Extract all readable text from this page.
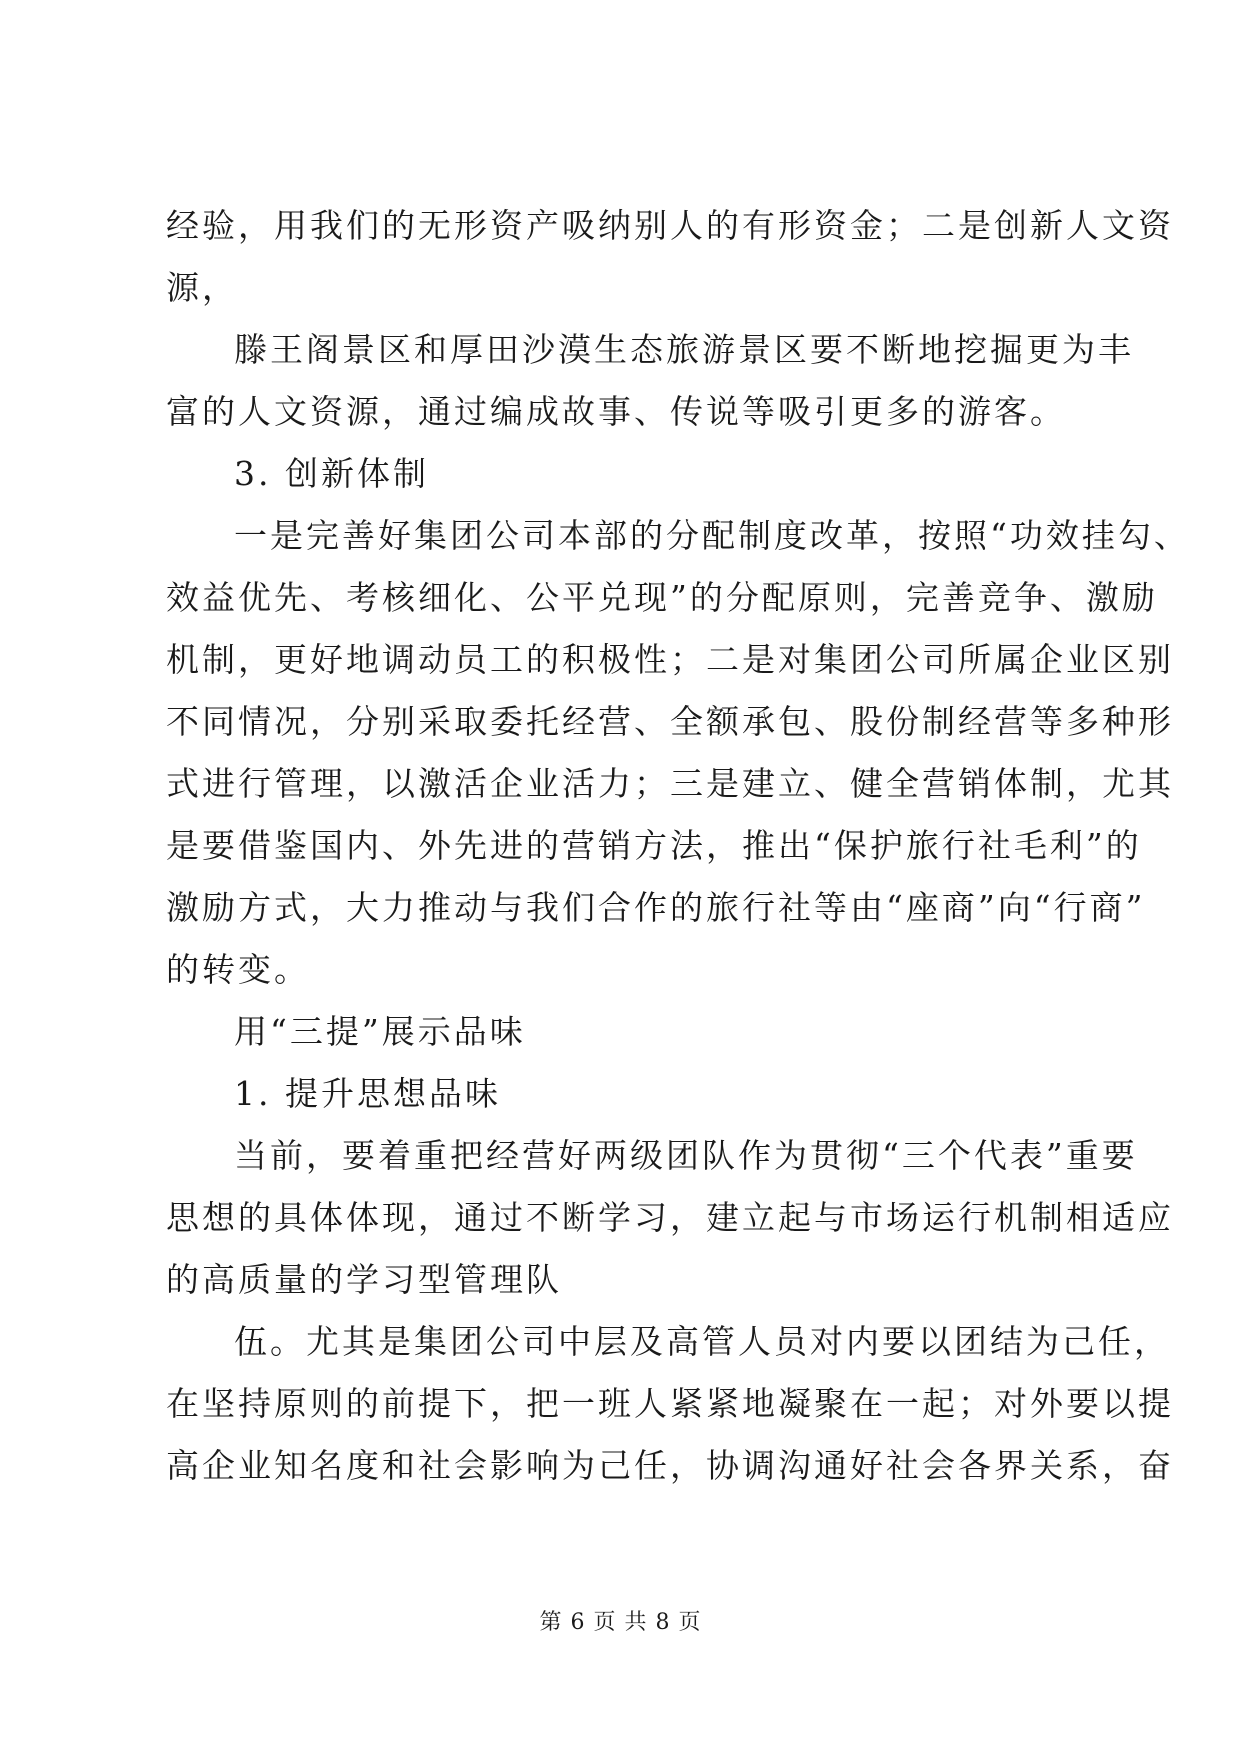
经验，用我们的无形资产吸纳别人的有形资金；二是创新人文资
源，
滕王阁景区和厚田沙漠生态旅游景区要不断地挖掘更为丰
富的人文资源，通过编成故事、传说等吸引更多的游客。
3. 创新体制
一是完善好集团公司本部的分配制度改革，按照“功效挂勾、
效益优先、考核细化、公平兑现”的分配原则，完善竞争、激励
机制，更好地调动员工的积极性；二是对集团公司所属企业区别
不同情况，分别采取委托经营、全额承包、股份制经营等多种形
式进行管理，以激活企业活力；三是建立、健全营销体制，尤其
是要借鉴国内、外先进的营销方法，推出“保护旅行社毛利”的
激励方式，大力推动与我们合作的旅行社等由“座商”向“行商”
的转变。
用“三提”展示品味
1. 提升思想品味
当前，要着重把经营好两级团队作为贯彻“三个代表”重要
思想的具体体现，通过不断学习，建立起与市场运行机制相适应
的高质量的学习型管理队
伍。尤其是集团公司中层及高管人员对内要以团结为己任，
在坚持原则的前提下，把一班人紧紧地凝聚在一起；对外要以提
高企业知名度和社会影响为己任，协调沟通好社会各界关系，奋
第 6 页 共 8 页
